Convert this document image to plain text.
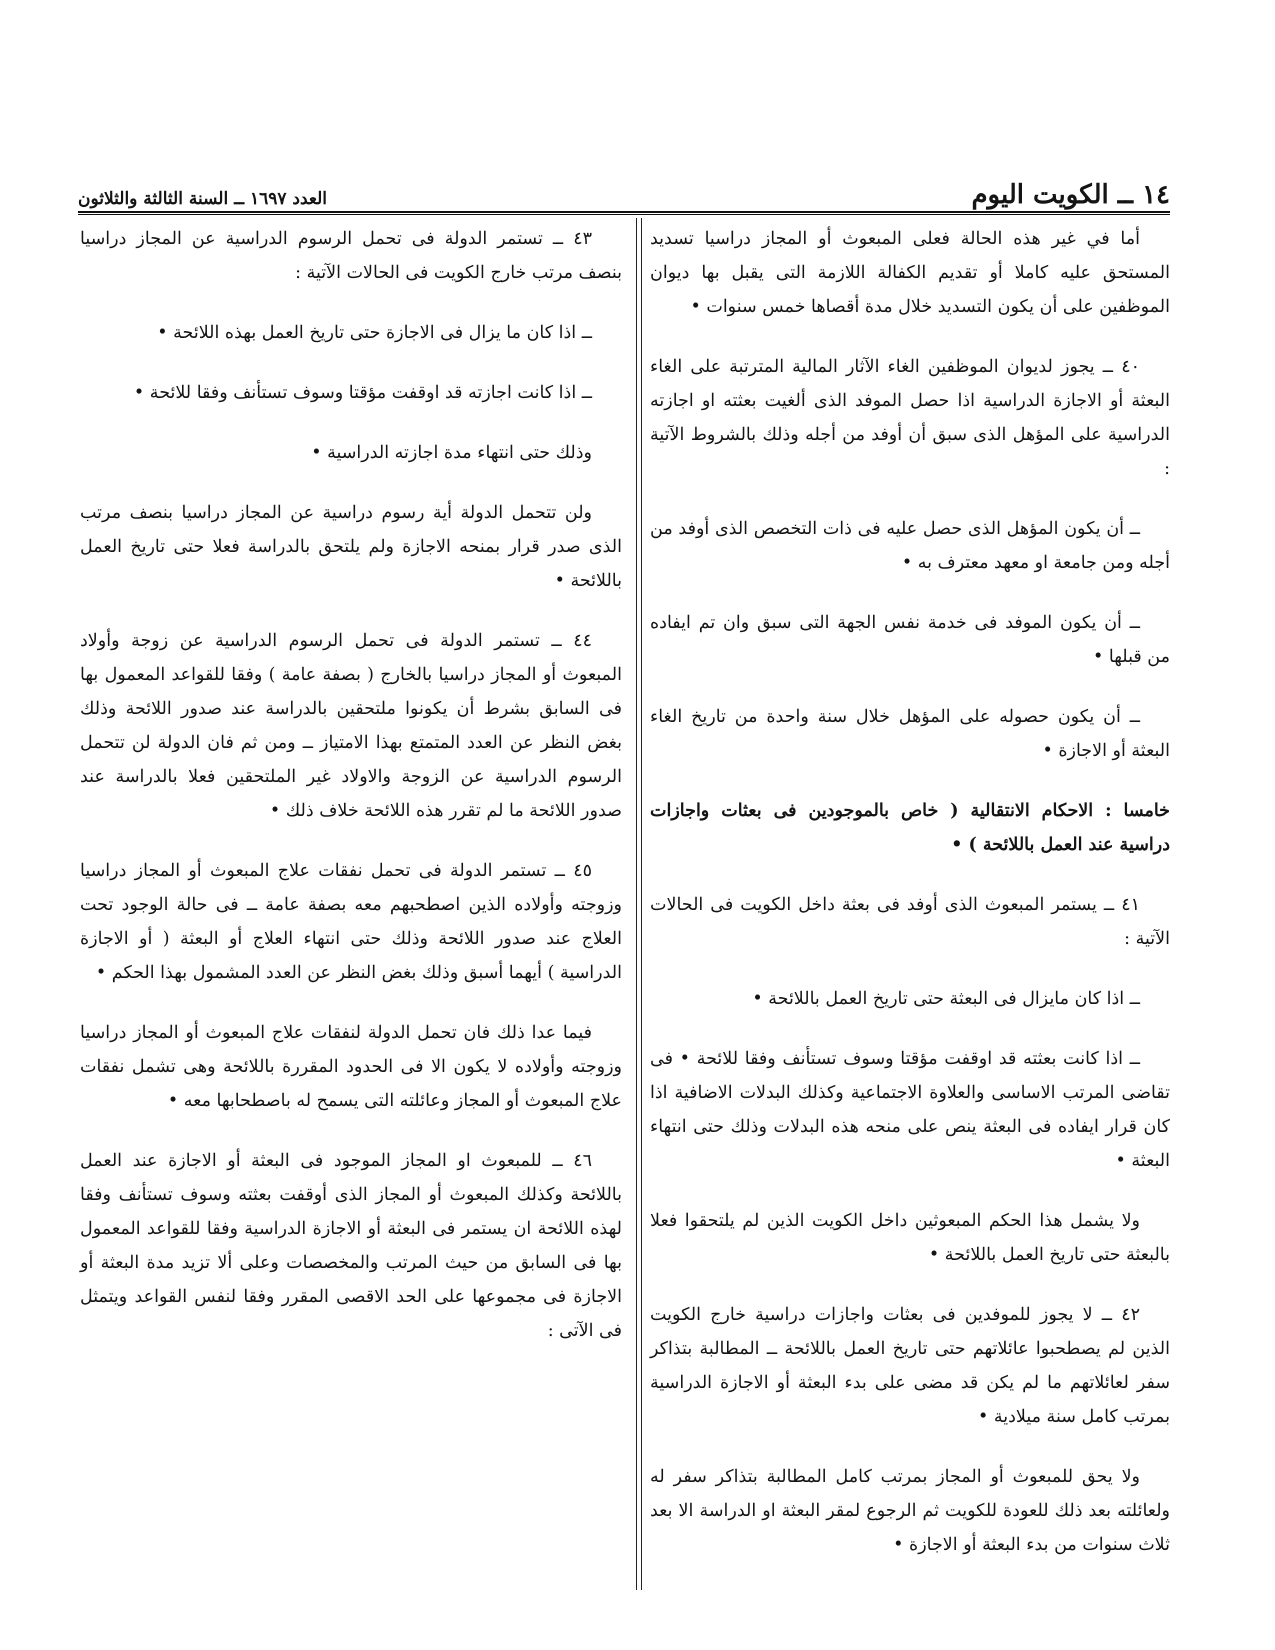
١٤ ــ الكويت اليوم
العدد ١٦٩٧ ــ السنة الثالثة والثلاثون

أما في غير هذه الحالة فعلى المبعوث أو المجاز دراسيا تسديد المستحق عليه كاملا أو تقديم الكفالة اللازمة التى يقبل بها ديوان الموظفين على أن يكون التسديد خلال مدة أقصاها خمس سنوات •

٤٠ ــ يجوز لديوان الموظفين الغاء الآثار المالية المترتبة على الغاء البعثة أو الاجازة الدراسية اذا حصل الموفد الذى ألغيت بعثته او اجازته الدراسية على المؤهل الذى سبق أن أوفد من أجله وذلك بالشروط الآتية :

ــ أن يكون المؤهل الذى حصل عليه فى ذات التخصص الذى أوفد من أجله ومن جامعة او معهد معترف به •

ــ أن يكون الموفد فى خدمة نفس الجهة التى سبق وان تم ايفاده من قبلها •

ــ أن يكون حصوله على المؤهل خلال سنة واحدة من تاريخ الغاء البعثة أو الاجازة •

خامسا : الاحكام الانتقالية ( خاص بالموجودين فى بعثات واجازات دراسية عند العمل باللائحة ) •

٤١ ــ يستمر المبعوث الذى أوفد فى بعثة داخل الكويت فى الحالات الآتية :

ــ اذا كان مايزال فى البعثة حتى تاريخ العمل باللائحة •

ــ اذا كانت بعثته قد اوقفت مؤقتا وسوف تستأنف وفقا للائحة • فى تقاضى المرتب الاساسى والعلاوة الاجتماعية وكذلك البدلات الاضافية اذا كان قرار ايفاده فى البعثة ينص على منحه هذه البدلات وذلك حتى انتهاء البعثة •

ولا يشمل هذا الحكم المبعوثين داخل الكويت الذين لم يلتحقوا فعلا بالبعثة حتى تاريخ العمل باللائحة •

٤٢ ــ لا يجوز للموفدين فى بعثات واجازات دراسية خارج الكويت الذين لم يصطحبوا عائلاتهم حتى تاريخ العمل باللائحة ــ المطالبة بتذاكر سفر لعائلاتهم ما لم يكن قد مضى على بدء البعثة أو الاجازة الدراسية بمرتب كامل سنة ميلادية •

ولا يحق للمبعوث أو المجاز بمرتب كامل المطالبة بتذاكر سفر له ولعائلته بعد ذلك للعودة للكويت ثم الرجوع لمقر البعثة او الدراسة الا بعد ثلاث سنوات من بدء البعثة أو الاجازة •

٤٣ ــ تستمر الدولة فى تحمل الرسوم الدراسية عن المجاز دراسيا بنصف مرتب خارج الكويت فى الحالات الآتية :

ــ اذا كان ما يزال فى الاجازة حتى تاريخ العمل بهذه اللائحة •

ــ اذا كانت اجازته قد اوقفت مؤقتا وسوف تستأنف وفقا للائحة •

وذلك حتى انتهاء مدة اجازته الدراسية •

ولن تتحمل الدولة أية رسوم دراسية عن المجاز دراسيا بنصف مرتب الذى صدر قرار بمنحه الاجازة ولم يلتحق بالدراسة فعلا حتى تاريخ العمل باللائحة •

٤٤ ــ تستمر الدولة فى تحمل الرسوم الدراسية عن زوجة وأولاد المبعوث أو المجاز دراسيا بالخارج ( بصفة عامة ) وفقا للقواعد المعمول بها فى السابق بشرط أن يكونوا ملتحقين بالدراسة عند صدور اللائحة وذلك بغض النظر عن العدد المتمتع بهذا الامتياز ــ ومن ثم فان الدولة لن تتحمل الرسوم الدراسية عن الزوجة والاولاد غير الملتحقين فعلا بالدراسة عند صدور اللائحة ما لم تقرر هذه اللائحة خلاف ذلك •

٤٥ ــ تستمر الدولة فى تحمل نفقات علاج المبعوث أو المجاز دراسيا وزوجته وأولاده الذين اصطحبهم معه بصفة عامة ــ فى حالة الوجود تحت العلاج عند صدور اللائحة وذلك حتى انتهاء العلاج أو البعثة ( أو الاجازة الدراسية ) أيهما أسبق وذلك بغض النظر عن العدد المشمول بهذا الحكم •

فيما عدا ذلك فان تحمل الدولة لنفقات علاج المبعوث أو المجاز دراسيا وزوجته وأولاده لا يكون الا فى الحدود المقررة باللائحة وهى تشمل نفقات علاج المبعوث أو المجاز وعائلته التى يسمح له باصطحابها معه •

٤٦ ــ للمبعوث او المجاز الموجود فى البعثة أو الاجازة عند العمل باللائحة وكذلك المبعوث أو المجاز الذى أوقفت بعثته وسوف تستأنف وفقا لهذه اللائحة ان يستمر فى البعثة أو الاجازة الدراسية وفقا للقواعد المعمول بها فى السابق من حيث المرتب والمخصصات وعلى ألا تزيد مدة البعثة أو الاجازة فى مجموعها على الحد الاقصى المقرر وفقا لنفس القواعد ويتمثل فى الآتى :
